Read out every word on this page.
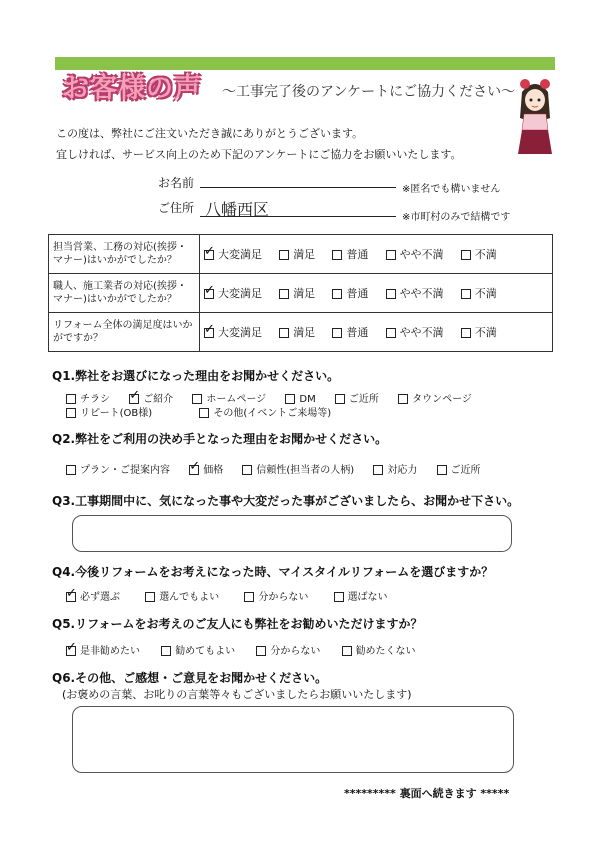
お客様の声 〜工事完了後のアンケートにご協力ください〜
この度は、弊社にご注文いただき誠にありがとうございます。
宜しければ、サービス向上のため下記のアンケートにご協力をお願いいたします。
お名前	※匿名でも構いません
ご住所 八幡西区	※市町村のみで結構です
担当営業、工務の対応(挨拶・マナー)はいかがでしたか？	✓大変満足 満足 普通 やや不満 不満
職人、施工業者の対応(挨拶・マナー)はいかがでしたか？	✓大変満足 満足 普通 やや不満 不満
リフォーム全体の満足度はいかがですか？	✓大変満足 満足 普通 やや不満 不満
Q1.弊社をお選びになった理由をお聞かせください。
チラシ ✓	ご紹介	ホームページ	DM	ご近所	タウンページ
リピート(OB様)	その他(イベントご来場等)
Q2.弊社をご利用の決め手となった理由をお聞かせください。
プラン・ご提案内容 ✓	価格	信頼性(担当者の人柄)	対応力	ご近所
Q3.工事期間中に、気になった事や大変だった事がございましたら、お聞かせ下さい。
Q4.今後リフォームをお考えになった時、マイスタイルリフォームを選びますか？
✓必ず選ぶ	選んでもよい	分からない	選ばない
Q5.リフォームをお考えのご友人にも弊社をお勧めいただけますか？
✓是非勧めたい	勧めてもよい	分からない	勧めたくない
Q6.その他、ご感想・ご意見をお聞かせください。
(お褒めの言葉、お叱りの言葉等々もございましたらお願いいたします)
********* 裏面へ続きます *****
